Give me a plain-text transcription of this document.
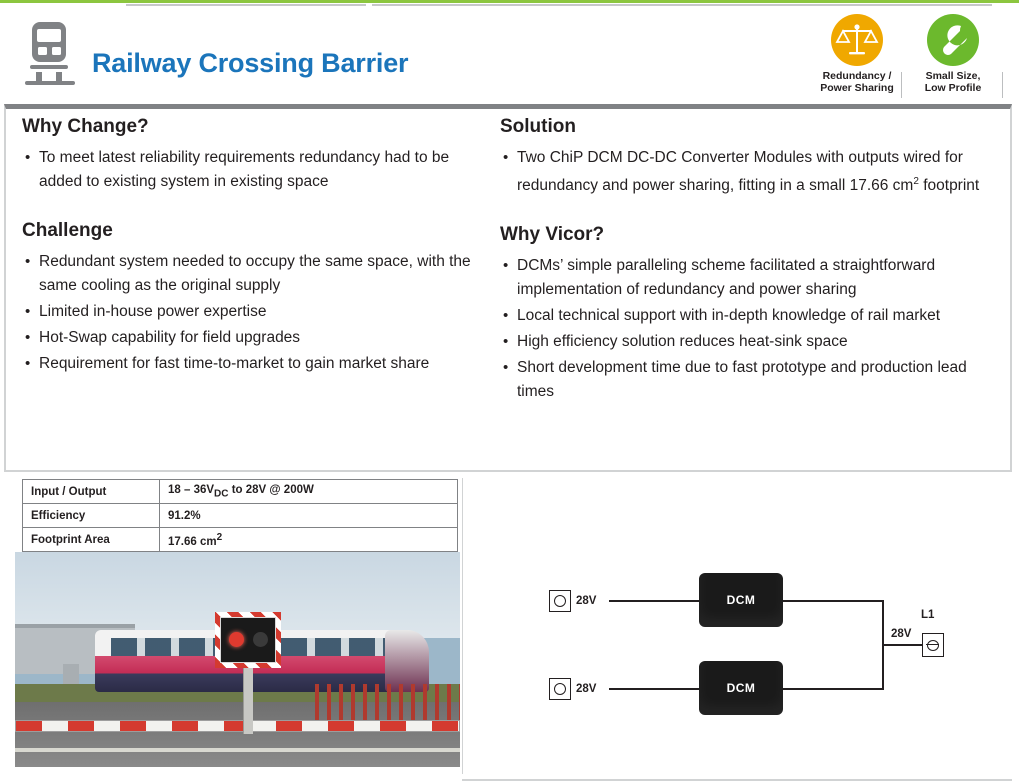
Railway Crossing Barrier	Redundancy /
Power Sharing
Small Size,
Low Profile
Why Change?
• To meet latest reliability requirements redundancy had to be added to existing system in existing space
Challenge
• Redundant system needed to occupy the same space, with the same cooling as the original supply
• Limited in-house power expertise
• Hot-Swap capability for field upgrades
• Requirement for fast time-to-market to gain market share
Solution
• Two ChiP DCM DC-DC Converter Modules with outputs wired for redundancy and power sharing, fitting in a small 17.66 $cm^2$ footprint
Why Vicor?
• DCMs’ simple paralleling scheme facilitated a straightforward implementation of redundancy and power sharing
• Local technical support with in-depth knowledge of rail market
• High efficiency solution reduces heat-sink space
• Short development time due to fast prototype and production lead times
Input / Output	$18 - 36V_{DC}$ to 28V @ 200W
Efficiency	91.2%
Footprint Area	17.66 $cm^2$
28V
28V
DCM
DCM
28V
L1
